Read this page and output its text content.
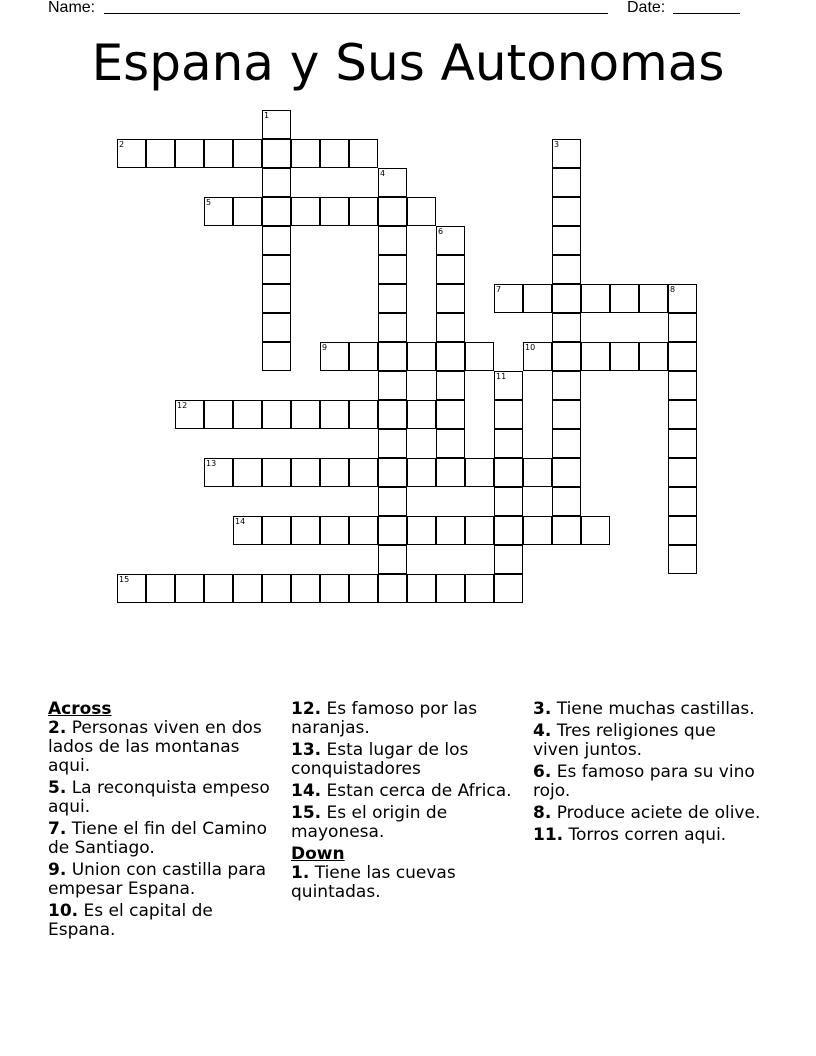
Name:	Date:
Espana y Sus Autonomas
1
2	3
4
5
6
7	8
9	10
11
12
13
14
15
Across
2. Personas viven en dos lados de las montanas aqui.
5. La reconquista empeso aqui.
7. Tiene el fin del Camino de Santiago.
9. Union con castilla para empesar Espana.
10. Es el capital de Espana.
12. Es famoso por las naranjas.
13. Esta lugar de los conquistadores
14. Estan cerca de Africa.
15. Es el origin de mayonesa.
Down
1. Tiene las cuevas quintadas.
3. Tiene muchas castillas.
4. Tres religiones que viven juntos.
6. Es famoso para su vino rojo.
8. Produce aciete de olive.
11. Torros corren aqui.
